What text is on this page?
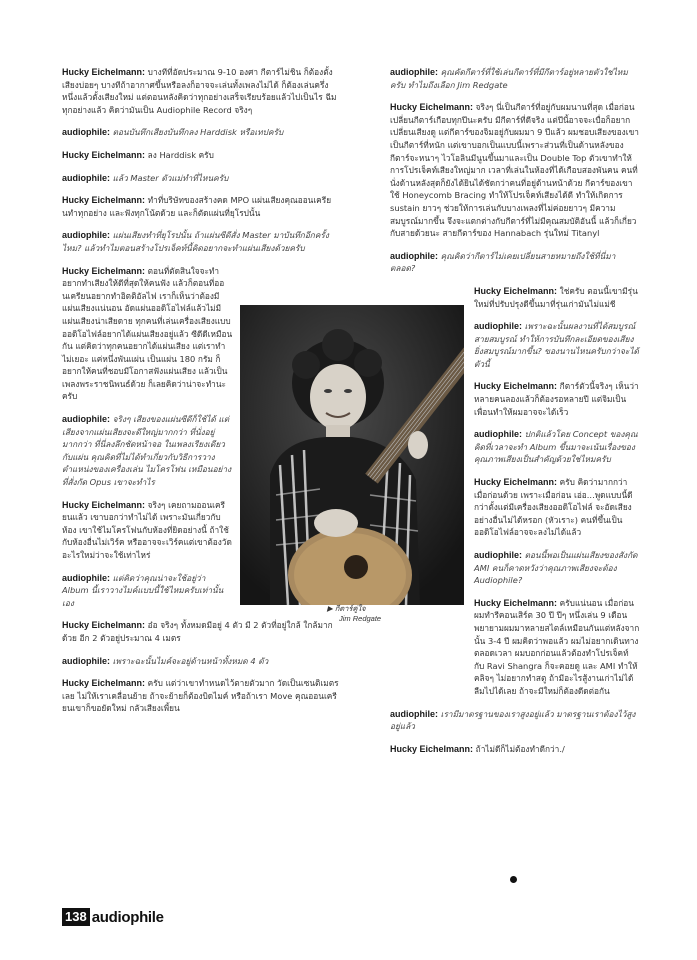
Hucky Eichelmann: บางทีที่อัดประมาณ 9-10 องศา กีตาร์ไม่ชิน ก็ต้องตั้งเสียงบ่อยๆ บางทีถ้าอากาศขึ้นหรือลงก็อาจจะเล่นทั้งเพลงไม่ได้ ก็ต้องเล่นครึ่งหนึ่งแล้วตั้งเสียงใหม่ แต่ตอนหลังคิดว่าทุกอย่างเสร็จเรียบร้อยแล้วไปเป็นไร ฉีมทุกอย่างแล้ว คิดว่ามันเป็น Audiophile Record จริงๆ
audiophile: ตอนบันทึกเสียงบันทึกลง Harddisk หรือเทปครับ
Hucky Eichelmann: ลง Harddisk ครับ
audiophile: แล้ว Master ตัวแม่ทำที่ไหนครับ
Hucky Eichelmann: ทำที่บริษัทของสร้างคด MPO แผ่นเสียงคุณออนเครียนทำทุกอย่าง และฟังทุกโน้ตด้วย และก็ตัดแผ่นที่ยุโรปนั้น
audiophile: แผ่นเสียงทำที่ยุโรปนั้น ถ้าแผ่นซีดีสั่ง Master มาบันทึกอีกครั้งไหม? แล้วทำไมตอนสร้างโปรเจ็คท์นี้คิดอยากจะทำแผ่นเสียงด้วยครับ
Hucky Eichelmann: ตอนที่ตัดสินใจจะทำ อยากทำเสียงให้ดีที่สุดให้คนฟัง แล้วก็ตอนที่ออนเครียนอยากทำอิตติอัลไฟ เราก็เห็นว่าต้องมีแผ่นเสียงแน่นอน อัดแผ่นออดิโอไฟล์แล้วไม่มีแผ่นเสียงน่าเสียดาย ทุกคนที่เล่นเครื่องเสียงแบบออดิโอไฟล์อยากได้แผ่นเสียงอยู่แล้ว ซีดีดีเหมือนกัน แต่คิดว่าทุกคนอยากได้แผ่นเสียง แต่เราทำไม่เยอะ แค่หนึ่งพันแผ่น เป็นแผ่น 180 กรัม ก็อยากให้คนที่ชอบมีโอกาสฟังแผ่นเสียง แล้วเป็นเพลงพระราชนิพนธ์ด้วย ก็เลยคิดว่าน่าจะทำนะครับ
audiophile: จริงๆ เสียงของแผ่นซีดีก็ใช้ได้ แต่เสียงจากแผ่นเสียงจะดีใหญ่มากกว่า ที่นั่งอยู่มากกว่า ที่นี่ลงลึกชัดหน้าจอ ในเพลงเรียงเดียวกับแผ่น คุณคิดที่ไม่ได้ทำเกี่ยวกับวิธีการวางตำแหน่งของเครื่องเล่น ไมโครโฟน เหมือนอย่างที่สั่งกัด Opus เขาจะทำไร
Hucky Eichelmann: จริงๆ เคยถามออนเครียนแล้ว เขาบอกว่าทำไม่ได้ เพราะมันเกี่ยวกับห้อง เขาใช้ไมโครโฟนกับห้องที่ยิดอย่างนี้ ถ้าใช้กับห้องอื่นไม่เวิร์ค หรืออาจจะเวิร์คแต่เขาต้องวัดอะไรใหม่ว่าจะใช้เท่าไหร่
audiophile: แต่คิดว่าคุณน่าจะใช้อยู่ว่า Album นี้เราวางไมค์แบบนี้ใช้ไหมครับเท่านั้นเอง
Hucky Eichelmann: อ๋อ จริงๆ ทั้งหมดมีอยู่ 4 ตัว มี 2 ตัวที่อยู่ใกล้ ใกล้มากด้วย อีก 2 ตัวอยู่ประมาณ 4 เมตร
audiophile: เพราะฉะนั้นไมค์จะอยู่ด้านหน้าทั้งหมด 4 ตัว
Hucky Eichelmann: ครับ แต่ว่าเขาทำหนดไว้ตายตัวมาก วัดเป็นเซนติเมตรเลย ไม่ให้เราเคลื่อนย้าย ถ้าจะย้ายก็ต้องบิดไมค์ หรือถ้าเรา Move คุณออนเครียนเขาก็ขอยัดใหม่ กลัวเสียงเพี้ยน
▶ กีตาร์คู่ใจ
Jim Redgate
audiophile: คุณคัดกีตาร์ที่ใช้เล่นกีตาร์ที่มีกีตาร์อยู่หลายตัวใช่ไหมครับ ทำไมถึงเลือก Jim Redgate
Hucky Eichelmann: จริงๆ นี่เป็นกีตาร์ที่อยู่กับผมนานที่สุด เมื่อก่อนเปลี่ยนกีตาร์เกือบทุกปีนะครับ มีกีตาร์ที่ดีจริง แต่ปีนี้อาจจะเบื่อก็อยากเปลี่ยนเสียงดู แต่กีตาร์ของจิมอยู่กับผมมา 9 ปีแล้ว ผมชอบเสียงของเขา เป็นกีตาร์ที่หนัก แต่เขาบอกเป็นแบบนี้เพราะส่วนที่เป็นด้านหลังของกีตาร์จะหนาๆ ไวโอลินมีนูนขึ้นมาและเป็น Double Top ตัวเขาทำให้การโปรเจ็คท์เสียงใหญ่มาก เวลาที่เล่นในห้องที่ได้เกือบสองพันคน คนที่นั่งด้านหลังสุดก็ยังได้ยินได้ชัดกว่าคนที่อยู่ด้านหน้าด้วย กีตาร์ของเขาใช้ Honeycomb Bracing ทำให้โปรเจ็คท์เสียงได้ดี ทำให้เกิดการ sustain ยาวๆ ช่วยให้การเล่นกับบางเพลงที่ไม่ค่อยยาวๆ มีความสมบูรณ์มากขึ้น จึงจะแตกต่างกับกีตาร์ที่ไม่มีคุณสมบัติอันนี้ แล้วก็เกี่ยวกับสายด้วยนะ สายกีตาร์ของ Hannabach รุ่นใหม่ Titanyl
audiophile: คุณคิดว่ากีตาร์ไม่เคยเปลี่ยนสายหมายถึงใช้ที่นี่มาตลอด?
Hucky Eichelmann: ใช่ครับ ตอนนี้เขามีรุ่นใหม่ที่ปรับปรุงดีขึ้นมาที่รุ่นเก่ามันไม่แม่ชี
audiophile: เพราะฉะนั้นผลงานที่ได้สมบูรณ์สายสมบูรณ์ ทำให้การบันทึกละเอียดของเสียงยิ่งสมบูรณ์มากขึ้น? ของนานไหนครับกว่าจะได้ตัวนี้
Hucky Eichelmann: กีตาร์ตัวนี้จริงๆ เห็นว่าหลายคนลองแล้วก็ต้องรอหลายปี แต่จิมเป็นเพื่อนทำให้ผมอาจจะได้เร็ว
audiophile: ปกติแล้วโดย Concept ของคุณคิดที่เวลาจะทำ Album ขึ้นมาจะเน้นเรื่องของคุณภาพเสียงเป็นสำคัญด้วยใช่ไหมครับ
Hucky Eichelmann: ครับ คิดว่ามากกว่าเมื่อก่อนด้วย เพราะเมื่อก่อน เอ่อ...พูดแบบนี้ดีกว่าตั้งแต่มีเครื่องเสียงออดิโอไฟล์ จะอัดเสียงอย่างอื่นไม่ได้หรอก (หัวเราะ) คนที่ขึ้นเป็นออดิโอไฟล์อาจจะลงไม่ได้แล้ว
audiophile: ตอนนี้พอเป็นแผ่นเสียงของสังกัด AMI คนก็คาดหวังว่าคุณภาพเสียงจะต้อง Audiophile?
Hucky Eichelmann: ครับแน่นอน เมื่อก่อนผมทำรีคอนเสิร์ต 30 ปี ปีๆ หนึ่งเล่น 9 เดือน พยายามผมมาหลายสไตล์เหมือนกันแต่หลังจากนั้น 3-4 ปี ผมคิดว่าพอแล้ว ผมไม่อยากเดินทางตลอดเวลา ผมบอกก่อนแล้วต้องทำโปรเจ็คท์ กับ Ravi Shangra ก็จะคอยดู และ AMI ทำให้คลิจๆ ไม่อยากทำสตู ถ้ามีอะไรสู้งานเก่าไม่ได้ ลืมไปได้เลย ถ้าจะมีใหม่ก็ต้องดีดต่อกัน
audiophile: เรามีมาตรฐานของเราสูงอยู่แล้ว มาตรฐานเราต้องไว้สูงอยู่แล้ว
Hucky Eichelmann: ถ้าไม่ดีก็ไม่ต้องทำดีกว่า./
138 audiophile
